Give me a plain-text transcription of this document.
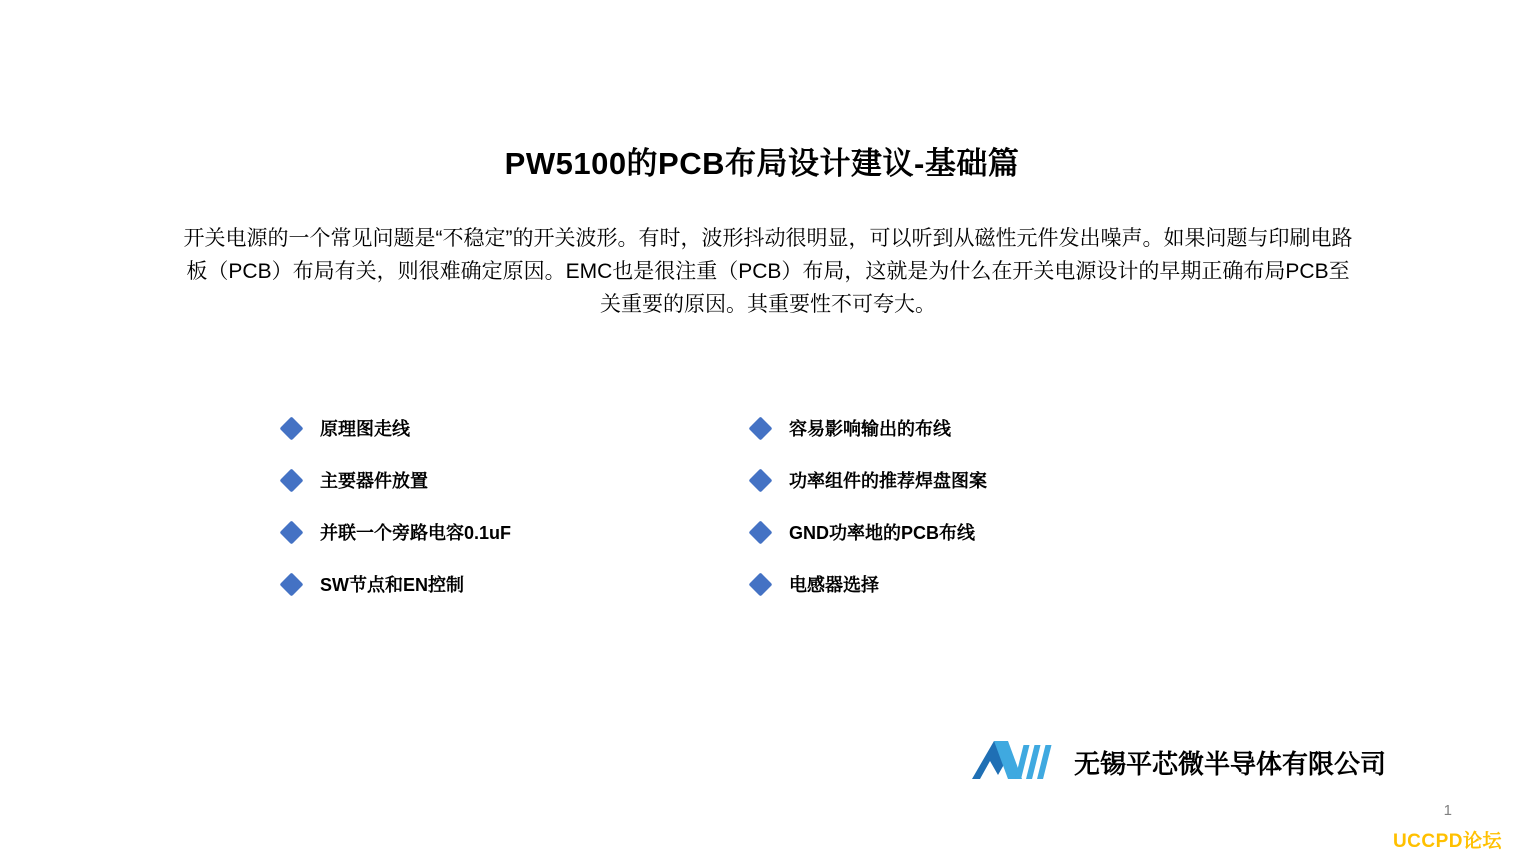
PW5100的PCB布局设计建议-基础篇
开关电源的一个常见问题是“不稳定”的开关波形。有时，波形抖动很明显，可以听到从磁性元件发出噪声。如果问题与印刷电路板（PCB）布局有关，则很难确定原因。EMC也是很注重（PCB）布局，这就是为什么在开关电源设计的早期正确布局PCB至关重要的原因。其重要性不可夸大。
原理图走线
主要器件放置
并联一个旁路电容0.1uF
SW节点和EN控制
容易影响输出的布线
功率组件的推荐焊盘图案
GND功率地的PCB布线
电感器选择
无锡平芯微半导体有限公司
1
UCCPD论坛
